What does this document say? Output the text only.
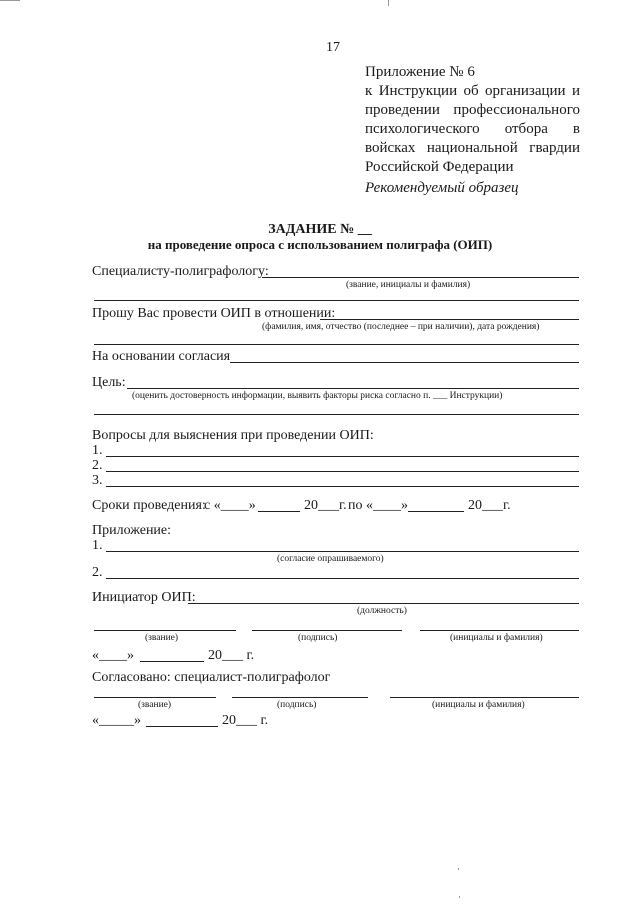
17
Приложение № 6
к Инструкции об организации и
проведении профессионального
психологического отбора в
войсках национальной гвардии
Российской Федерации
Рекомендуемый образец
ЗАДАНИЕ № __
на проведение опроса с использованием полиграфа (ОИП)
Специалисту-полиграфологу:
(звание, инициалы и фамилия)
Прошу Вас провести ОИП в отношении:
(фамилия, имя, отчество (последнее – при наличии), дата рождения)
На основании согласия
Цель:
(оценить достоверность информации, выявить факторы риска согласно п. ___ Инструкции)
Вопросы для выяснения при проведении ОИП:
1.
2.
3.
Сроки проведения:
с «____»	20___г. по «____»	20___г.
Приложение:
1.
(согласие опрашиваемого)
2.
Инициатор ОИП:
(должность)
(звание)	(подпись)	(инициалы и фамилия)
«____»	20___ г.
Согласовано: специалист-полиграфолог
(звание)	(подпись)	(инициалы и фамилия)
«_____»	20___ г.
